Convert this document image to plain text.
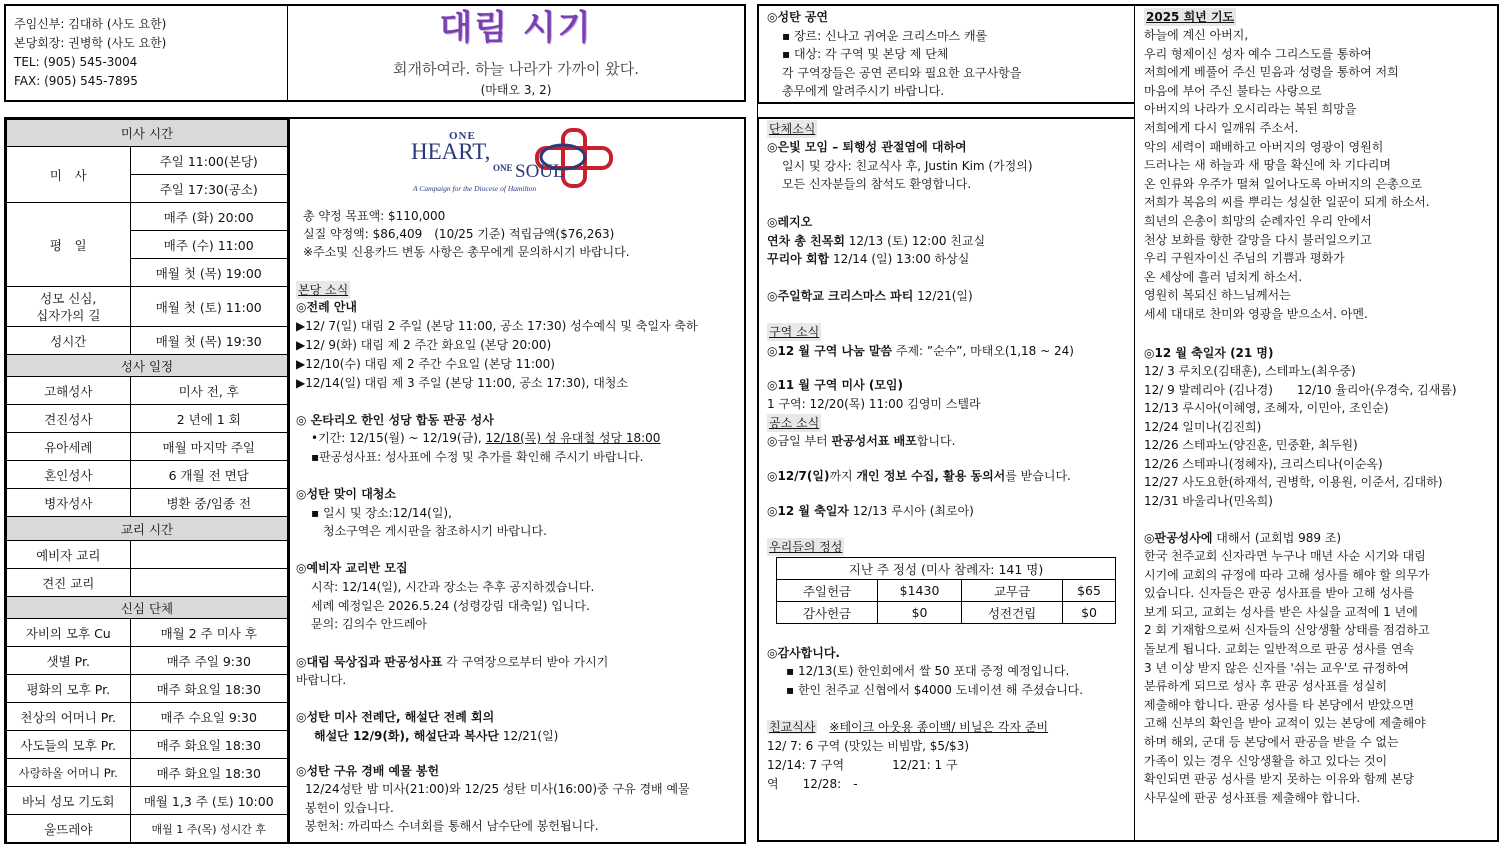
주임신부: 김대하 (사도 요한)
본당회장: 권병학 (사도 요한)
TEL: (905) 545-3004
FAX: (905) 545-7895
대림 시기
회개하여라. 하늘 나라가 가까이 왔다.
(마태오 3, 2)
미사 시간	
미　사	주일 11:00(본당)
	주일 17:30(공소)
평　일	매주 (화) 20:00
	매주 (수) 11:00
	매월 첫 (목) 19:00

성모 신심,
십자가의 길	매월 첫 (토) 11:00
성시간	매월 첫 (목) 19:30
성사 일정	
고해성사	미사 전, 후
견진성사	2 년에 1 회
유아세례	매월 마지막 주일
혼인성사	6 개월 전 면담
병자성사	병환 중/임종 전
교리 시간	
예비자 교리	
견진 교리	
신심 단체	
자비의 모후 Cu	매월 2 주 미사 후
샛별 Pr.	매주 주일 9:30
평화의 모후 Pr.	매주 화요일 18:30
천상의 어머니 Pr.	매주 수요일 9:30
사도들의 모후 Pr.	매주 화요일 18:30
사랑하올 어머니 Pr.	매주 화요일 18:30
바뇌 성모 기도회	매월 1,3 주 (토) 10:00
울뜨레야	매월 1 주(목) 성시간 후
ONE
HEART,
ONE SOUL
A Campaign for the Diocese of Hamilton
총 약정 목표액: $110,000
실질 약정액: $86,409　(10/25 기준) 적립금액($76,263)
※주소및 신용카드 변동 사항은 총무에게 문의하시기 바랍니다.
본당 소식
◎전례 안내
▶12/ 7(일) 대림 2 주일 (본당 11:00, 공소 17:30) 성수예식 및 축일자 축하
▶12/ 9(화) 대림 제 2 주간 화요일 (본당 20:00)
▶12/10(수) 대림 제 2 주간 수요일 (본당 11:00)
▶12/14(일) 대림 제 3 주일 (본당 11:00, 공소 17:30), 대청소
◎ 온타리오 한인 성당 합동 판공 성사
•기간: 12/15(월) ~ 12/19(금), 12/18(목) 성 유대철 성당 18:00
▪판공성사표: 성사표에 수정 및 추가를 확인해 주시기 바랍니다.
◎성탄 맞이 대청소
▪ 일시 및 장소:12/14(일),
청소구역은 게시판을 참조하시기 바랍니다.
◎예비자 교리반 모집
시작: 12/14(일), 시간과 장소는 추후 공지하겠습니다.
세례 예정일은 2026.5.24 (성령강림 대축일) 입니다.
문의: 김의수 안드레아
◎대림 묵상집과 판공성사표 각 구역장으로부터 받아 가시기
바랍니다.
◎성탄 미사 전례단, 해설단 전례 회의
해설단 12/9(화), 해설단과 복사단 12/21(일)
◎성탄 구유 경배 예물 봉헌
12/24성탄 밤 미사(21:00)와 12/25 성탄 미사(16:00)중 구유 경배 예물
봉헌이 있습니다.
봉헌처: 까리따스 수녀회를 통해서 남수단에 봉헌됩니다.
◎성탄 공연
▪ 장르: 신나고 귀여운 크리스마스 캐롤
▪ 대상: 각 구역 및 본당 제 단체
각 구역장들은 공연 콘티와 필요한 요구사항을
총무에게 알려주시기 바랍니다.
단체소식
◎은빛 모임 – 퇴행성 관절염에 대하여
일시 및 강사: 친교식사 후, Justin Kim (가정의)
모든 신자분들의 참석도 환영합니다.
◎레지오
연차 총 친목회 12/13 (토) 12:00 친교실
꾸리아 회합 12/14 (일) 13:00 하상실
◎주일학교 크리스마스 파티 12/21(일)
구역 소식
◎12 월 구역 나눔 말씀 주제: ”순수”, 마태오(1,18 ~ 24)
◎11 월 구역 미사 (모임)
1 구역: 12/20(목) 11:00 김영미 스텔라
공소 소식
◎금일 부터 판공성서표 배포합니다.
◎12/7(일)까지 개인 정보 수집, 활용 동의서를 받습니다.
◎12 월 축일자 12/13 루시아 (최로아)
우리들의 정성
지난 주 정성 (미사 참례자: 141 명)			
주일헌금	$1430	교무금	$65
감사헌금	$0	성전건립	$0
◎감사합니다.
▪ 12/13(토) 한인회에서 쌀 50 포대 증정 예정입니다.
▪ 한인 천주교 신협에서 $4000 도네이션 해 주셨습니다.
친교식사　 ※테이크 아웃용 종이백/ 비닐은 각자 준비
12/ 7: 6 구역 (맛있는 비빔밥, $5/$3)
12/14: 7 구역　　　　12/21: 1 구
역　　12/28:　-
2025 희년 기도
하늘에 계신 아버지,
우리 형제이신 성자 예수 그리스도를 통하여
저희에게 베풀어 주신 믿음과 성령을 통하여 저희
마음에 부어 주신 불타는 사랑으로
아버지의 나라가 오시리라는 복된 희망을
저희에게 다시 일깨워 주소서.
악의 세력이 패배하고 아버지의 영광이 영원히
드러나는 새 하늘과 새 땅을 확신에 차 기다리며
온 인류와 우주가 떨쳐 일어나도록 아버지의 은총으로
저희가 복음의 씨를 뿌리는 성실한 일꾼이 되게 하소서.
희년의 은총이 희망의 순례자인 우리 안에서
천상 보화를 향한 갈망을 다시 불러일으키고
우리 구원자이신 주님의 기쁨과 평화가
온 세상에 흘러 넘치게 하소서.
영원히 복되신 하느님께서는
세세 대대로 찬미와 영광을 받으소서. 아멘.
◎12 월 축일자 (21 명)
12/ 3 루치오(김태훈), 스테파노(최우중)
12/ 9 발레리아 (김나경)　　12/10 율리아(우경숙, 김새롬)
12/13 루시아(이혜영, 조혜자, 이민아, 조인순)
12/24 일미나(김진희)
12/26 스테파노(양진훈, 민중환, 최두원)
12/26 스테파니(정혜자), 크리스티나(이순옥)
12/27 사도요한(하재석, 권병학, 이용원, 이준서, 김대하)
12/31 바울리나(민옥희)
◎판공성사에 대해서 (교회법 989 조)
한국 천주교회 신자라면 누구나 매년 사순 시기와 대림
시기에 교회의 규정에 따라 고해 성사를 해야 할 의무가
있습니다. 신자들은 판공 성사표를 받아 고해 성사를
보게 되고, 교회는 성사를 받은 사실을 교적에 1 년에
2 회 기재함으로써 신자들의 신앙생활 상태를 점검하고
돌보게 됩니다. 교회는 일반적으로 판공 성사를 연속
3 년 이상 받지 않은 신자를 '쉬는 교우'로 규정하여
분류하게 되므로 성사 후 판공 성사표를 성실히
제출해야 합니다. 판공 성사를 타 본당에서 받았으면
고해 신부의 확인을 받아 교적이 있는 본당에 제출해야
하며 해외, 군대 등 본당에서 판공을 받을 수 없는
가족이 있는 경우 신앙생활을 하고 있다는 것이
확인되면 판공 성사를 받지 못하는 이유와 함께 본당
사무실에 판공 성사표를 제출해야 합니다.
